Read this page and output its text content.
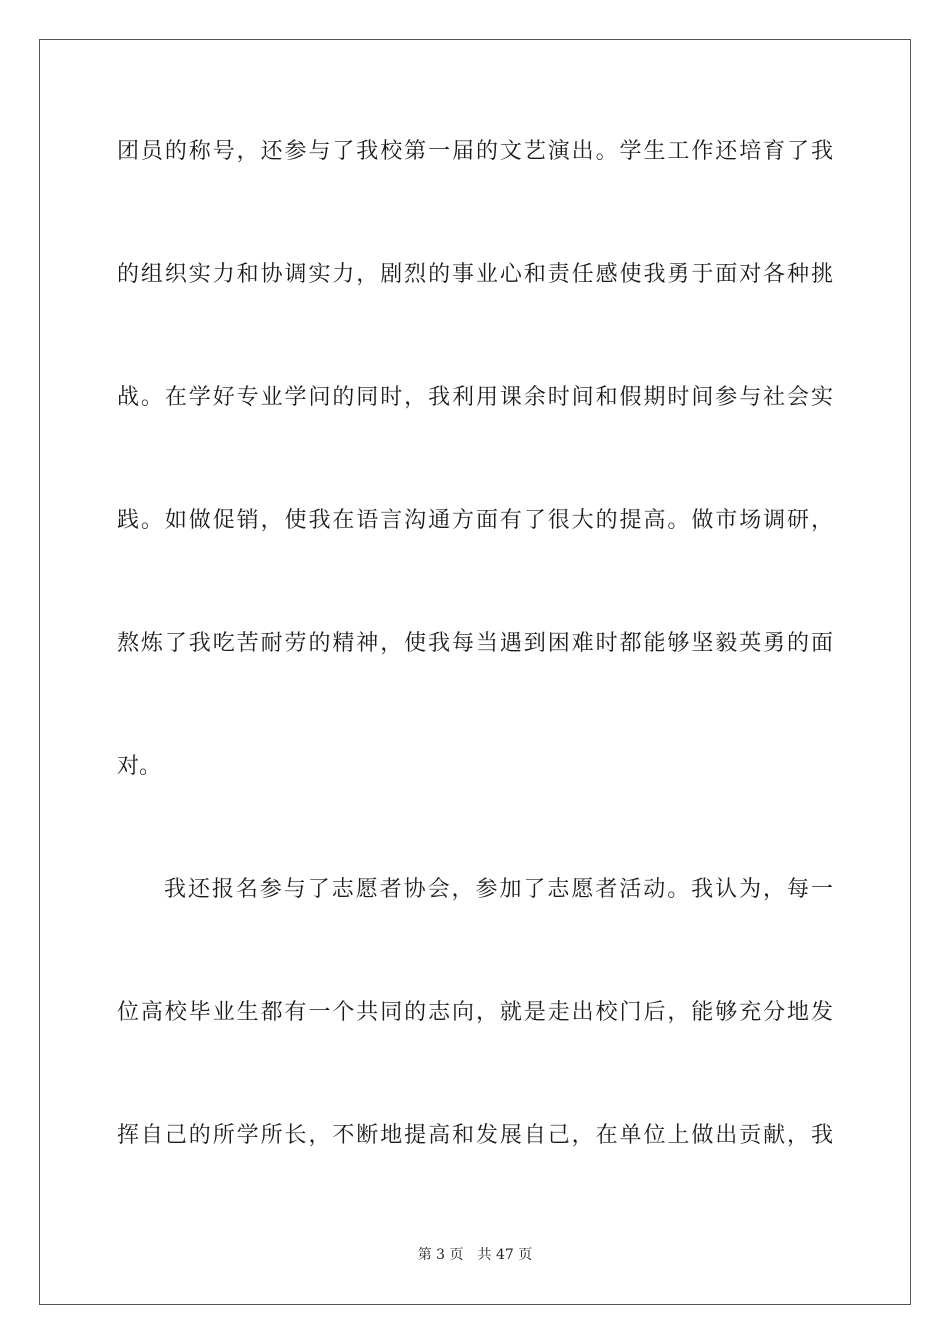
团员的称号，还参与了我校第一届的文艺演出。学生工作还培育了我
的组织实力和协调实力，剧烈的事业心和责任感使我勇于面对各种挑
战。在学好专业学问的同时，我利用课余时间和假期时间参与社会实
践。如做促销，使我在语言沟通方面有了很大的提高。做市场调研，
熬炼了我吃苦耐劳的精神，使我每当遇到困难时都能够坚毅英勇的面
对。
我还报名参与了志愿者协会，参加了志愿者活动。我认为，每一
位高校毕业生都有一个共同的志向，就是走出校门后，能够充分地发
挥自己的所学所长，不断地提高和发展自己，在单位上做出贡献，我
第 3 页　共 47 页
